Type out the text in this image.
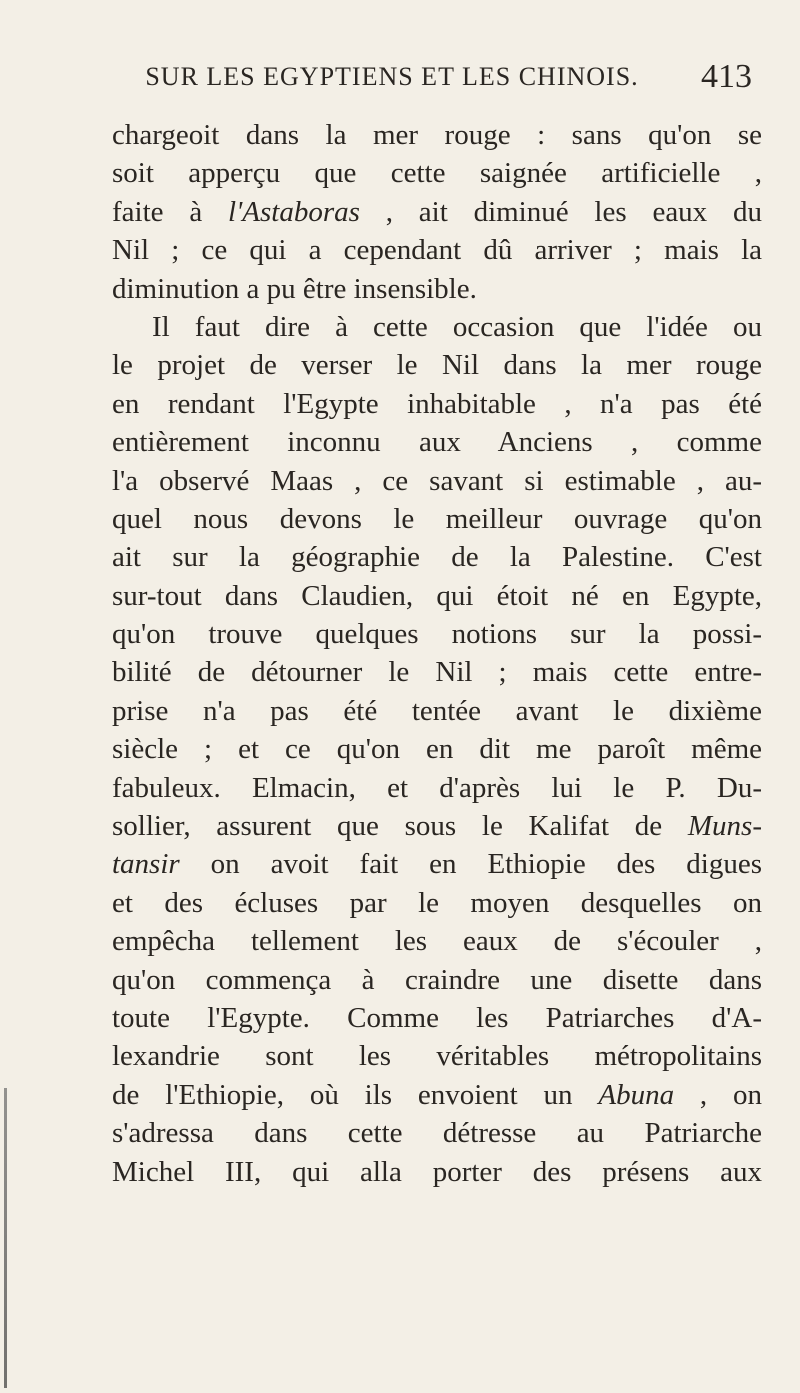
SUR LES EGYPTIENS ET LES CHINOIS.	413
chargeoit dans la mer rouge : sans qu'on se
soit apperçu que cette saignée artificielle ,
faite à l'Astaboras , ait diminué les eaux du
Nil ; ce qui a cependant dû arriver ; mais la
diminution a pu être insensible.
Il faut dire à cette occasion que l'idée ou
le projet de verser le Nil dans la mer rouge
en rendant l'Egypte inhabitable , n'a pas été
entièrement inconnu aux Anciens , comme
l'a observé Maas , ce savant si estimable , au-
quel nous devons le meilleur ouvrage qu'on
ait sur la géographie de la Palestine. C'est
sur-tout dans Claudien, qui étoit né en Egypte,
qu'on trouve quelques notions sur la possi-
bilité de détourner le Nil ; mais cette entre-
prise n'a pas été tentée avant le dixième
siècle ; et ce qu'on en dit me paroît même
fabuleux. Elmacin, et d'après lui le P. Du-
sollier, assurent que sous le Kalifat de Muns-
tansir on avoit fait en Ethiopie des digues
et des écluses par le moyen desquelles on
empêcha tellement les eaux de s'écouler ,
qu'on commença à craindre une disette dans
toute l'Egypte. Comme les Patriarches d'A-
lexandrie sont les véritables métropolitains
de l'Ethiopie, où ils envoient un Abuna , on
s'adressa dans cette détresse au Patriarche
Michel III, qui alla porter des présens aux
